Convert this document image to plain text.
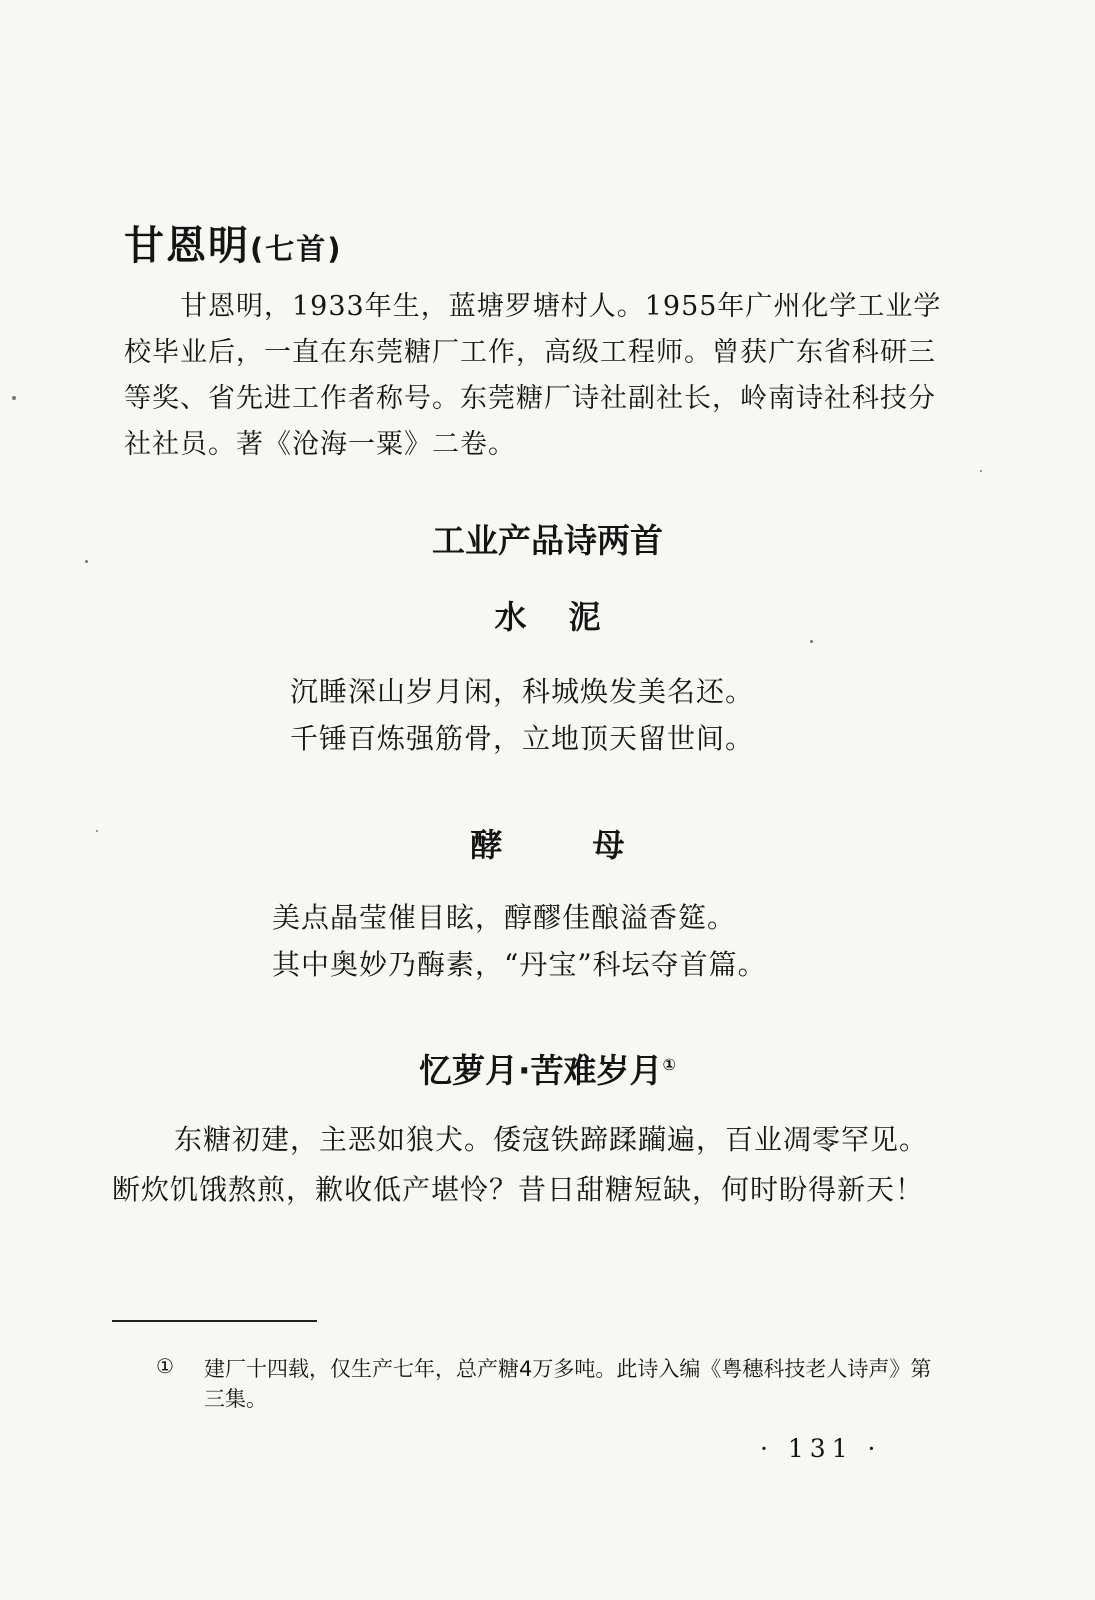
甘恩明(七首)

甘恩明，1933年生，蓝塘罗塘村人。1955年广州化学工业学校毕业后，一直在东莞糖厂工作，高级工程师。曾获广东省科研三等奖、省先进工作者称号。东莞糖厂诗社副社长，岭南诗社科技分社社员。著《沧海一粟》二卷。

工业产品诗两首
水泥

沉睡深山岁月闲，科城焕发美名还。

千锤百炼强筋骨，立地顶天留世间。

酵母

美点晶莹催目眩，醇醪佳酿溢香筵。

其中奥妙乃酶素，“丹宝”科坛夺首篇。

忆萝月·苦难岁月①

东糖初建，主恶如狼犬。倭寇铁蹄蹂躏遍，百业凋零罕见。 断炊饥饿熬煎，歉收低产堪怜？昔日甜糖短缺，何时盼得新天！

① 建厂十四载，仅生产七年，总产糖4万多吨。此诗入编《粤穗科技老人诗声》第三集。

· 131 ·
